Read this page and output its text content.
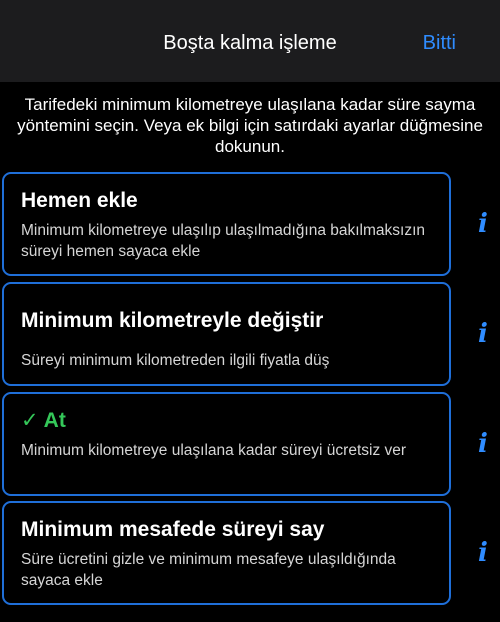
Boşta kalma işleme	Bitti
Tarifedeki minimum kilometreye ulaşılana kadar süre sayma yöntemini seçin. Veya ek bilgi için satırdaki ayarlar düğmesine dokunun.
Hemen ekle
Minimum kilometreye ulaşılıp ulaşılmadığına bakılmaksızın süreyi hemen sayaca ekle
i
Minimum kilometreyle değiştir
Süreyi minimum kilometreden ilgili fiyatla düş
i
✓ At
Minimum kilometreye ulaşılana kadar süreyi ücretsiz ver	i
Minimum mesafede süreyi say
Süre ücretini gizle ve minimum mesafeye ulaşıldığında sayaca ekle
i
